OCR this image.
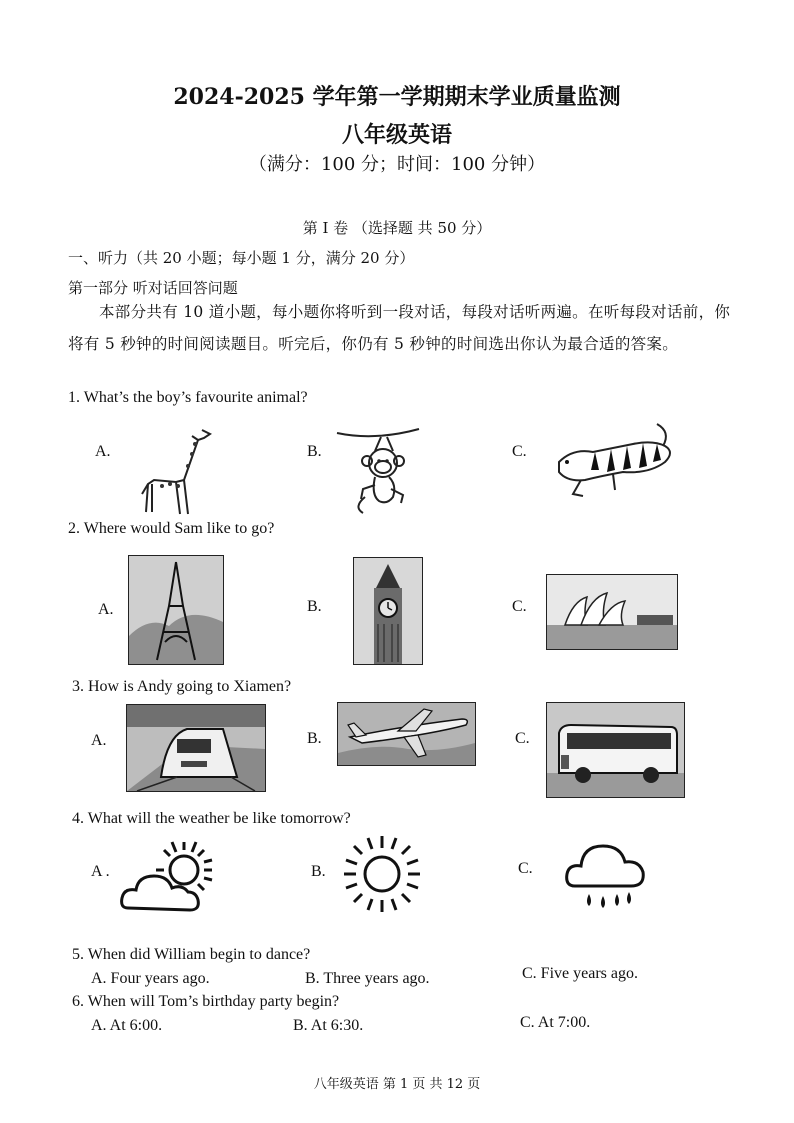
2024-2025 学年第一学期期末学业质量监测
八年级英语
（满分：100 分；时间：100 分钟）
第 Ⅰ 卷 （选择题 共 50 分）
一、听力（共 20 小题；每小题 1 分，满分 20 分）
第一部分 听对话回答问题
本部分共有 10 道小题，每小题你将听到一段对话，每段对话听两遍。在听每段对话前，你将有 5 秒钟的时间阅读题目。听完后，你仍有 5 秒钟的时间选出你认为最合适的答案。
1. What’s the boy’s favourite animal?
A.	B.	C.
2. Where would Sam like to go?
A.	B.	C.
3. How is Andy going to Xiamen?
A.	B.	C.
4. What will the weather be like tomorrow?
A .	B.	C.
5. When did William begin to dance?
A. Four years ago.	B. Three years ago.	C. Five years ago.
6. When will Tom’s birthday party begin?
A. At 6:00.	B. At 6:30.	C. At 7:00.
八年级英语 第 1 页 共 12 页
